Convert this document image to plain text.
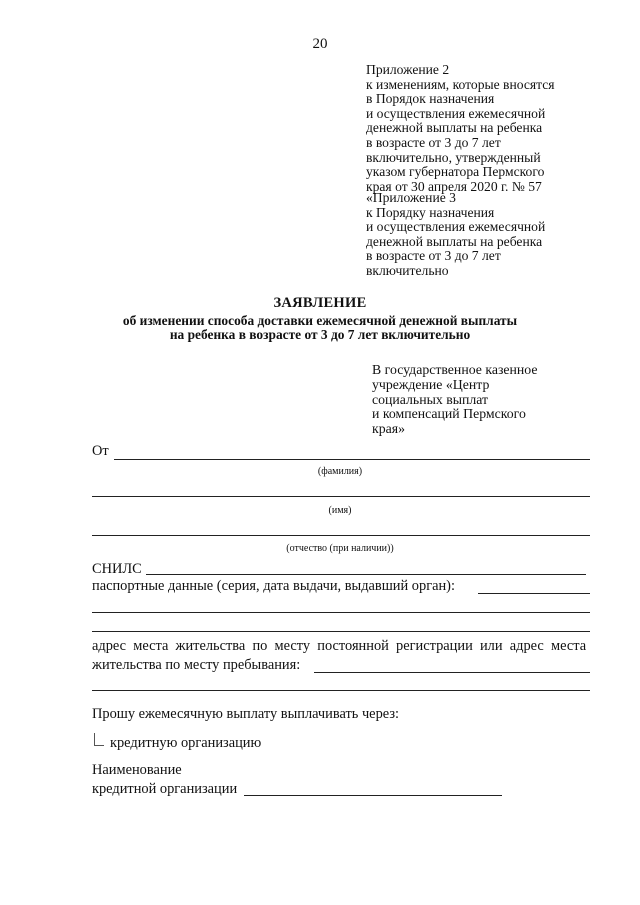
20
Приложение 2
к изменениям, которые вносятся
в Порядок назначения
и осуществления ежемесячной
денежной выплаты на ребенка
в возрасте от 3 до 7 лет
включительно, утвержденный
указом губернатора Пермского
края от 30 апреля 2020 г. № 57
«Приложение 3
к Порядку назначения
и осуществления ежемесячной
денежной выплаты на ребенка
в возрасте от 3 до 7 лет
включительно
ЗАЯВЛЕНИЕ
об изменении способа доставки ежемесячной денежной выплаты
на ребенка в возрасте от 3 до 7 лет включительно
В государственное казенное
учреждение «Центр
социальных выплат
и компенсаций Пермского
края»
От
(фамилия)
(имя)
(отчество (при наличии))
СНИЛС
паспортные данные (серия, дата выдачи, выдавший орган):
адрес места жительства по месту постоянной регистрации или адрес места
жительства по месту пребывания:
Прошу ежемесячную выплату выплачивать через:
кредитную организацию
Наименование
кредитной организации
